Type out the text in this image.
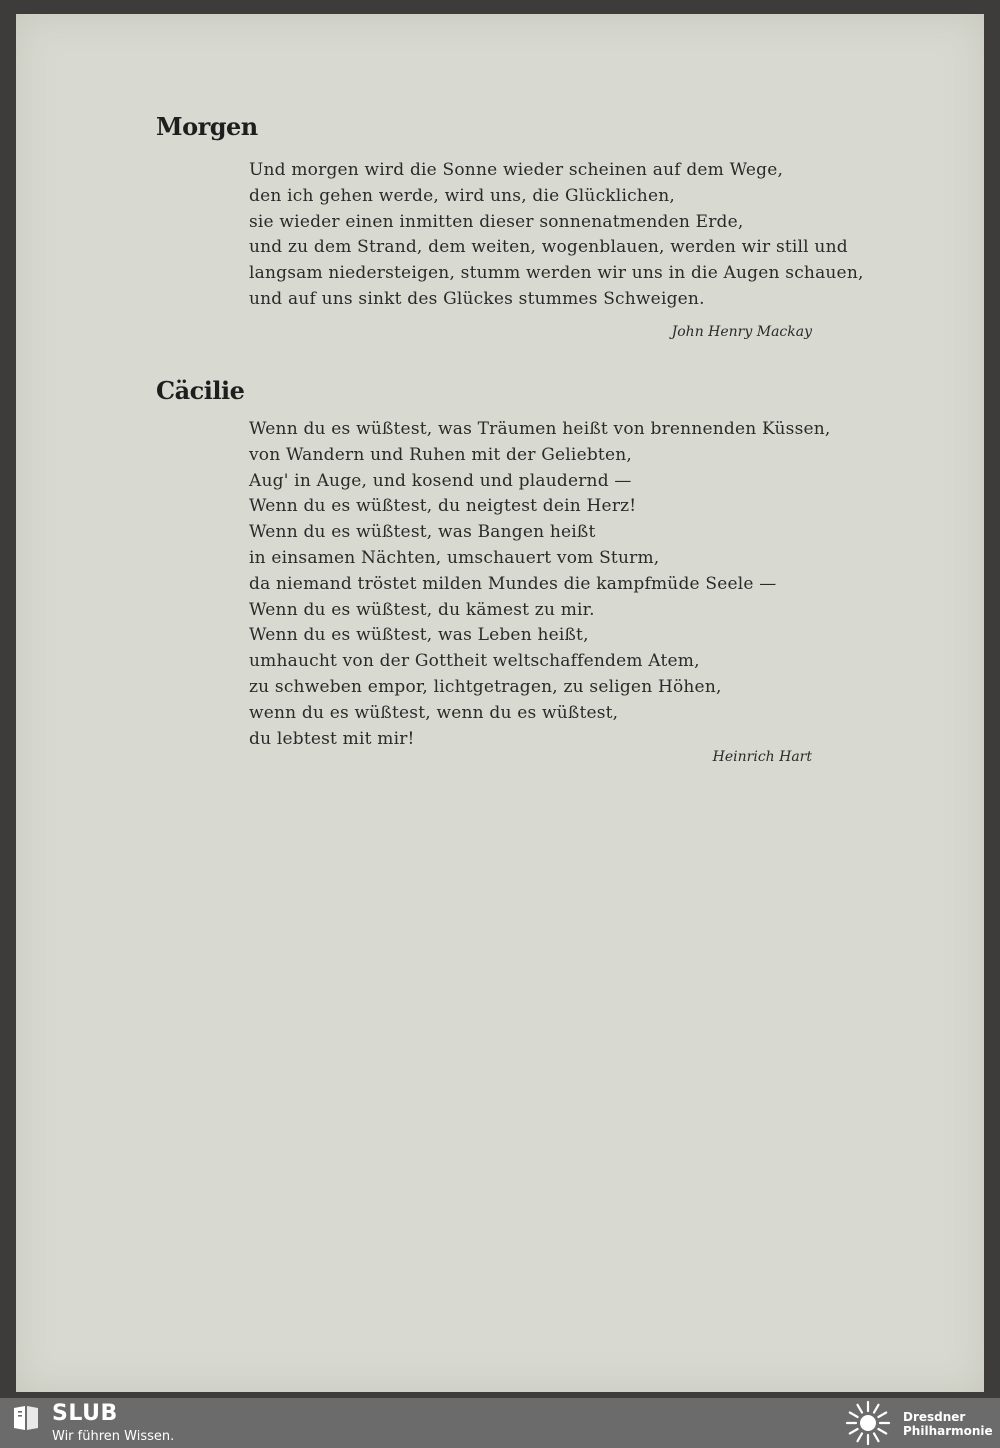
Morgen
Und morgen wird die Sonne wieder scheinen auf dem Wege,
den ich gehen werde, wird uns, die Glücklichen,
sie wieder einen inmitten dieser sonnenatmenden Erde,
und zu dem Strand, dem weiten, wogenblauen, werden wir still und
langsam niedersteigen, stumm werden wir uns in die Augen schauen,
und auf uns sinkt des Glückes stummes Schweigen.
John Henry Mackay
Cäcilie
Wenn du es wüßtest, was Träumen heißt von brennenden Küssen,
von Wandern und Ruhen mit der Geliebten,
Aug' in Auge, und kosend und plaudernd —
Wenn du es wüßtest, du neigtest dein Herz!
Wenn du es wüßtest, was Bangen heißt
in einsamen Nächten, umschauert vom Sturm,
da niemand tröstet milden Mundes die kampfmüde Seele —
Wenn du es wüßtest, du kämest zu mir.
Wenn du es wüßtest, was Leben heißt,
umhaucht von der Gottheit weltschaffendem Atem,
zu schweben empor, lichtgetragen, zu seligen Höhen,
wenn du es wüßtest, wenn du es wüßtest,
du lebtest mit mir!
Heinrich Hart
SLUB
Wir führen Wissen.
Dresdner
Philharmonie
